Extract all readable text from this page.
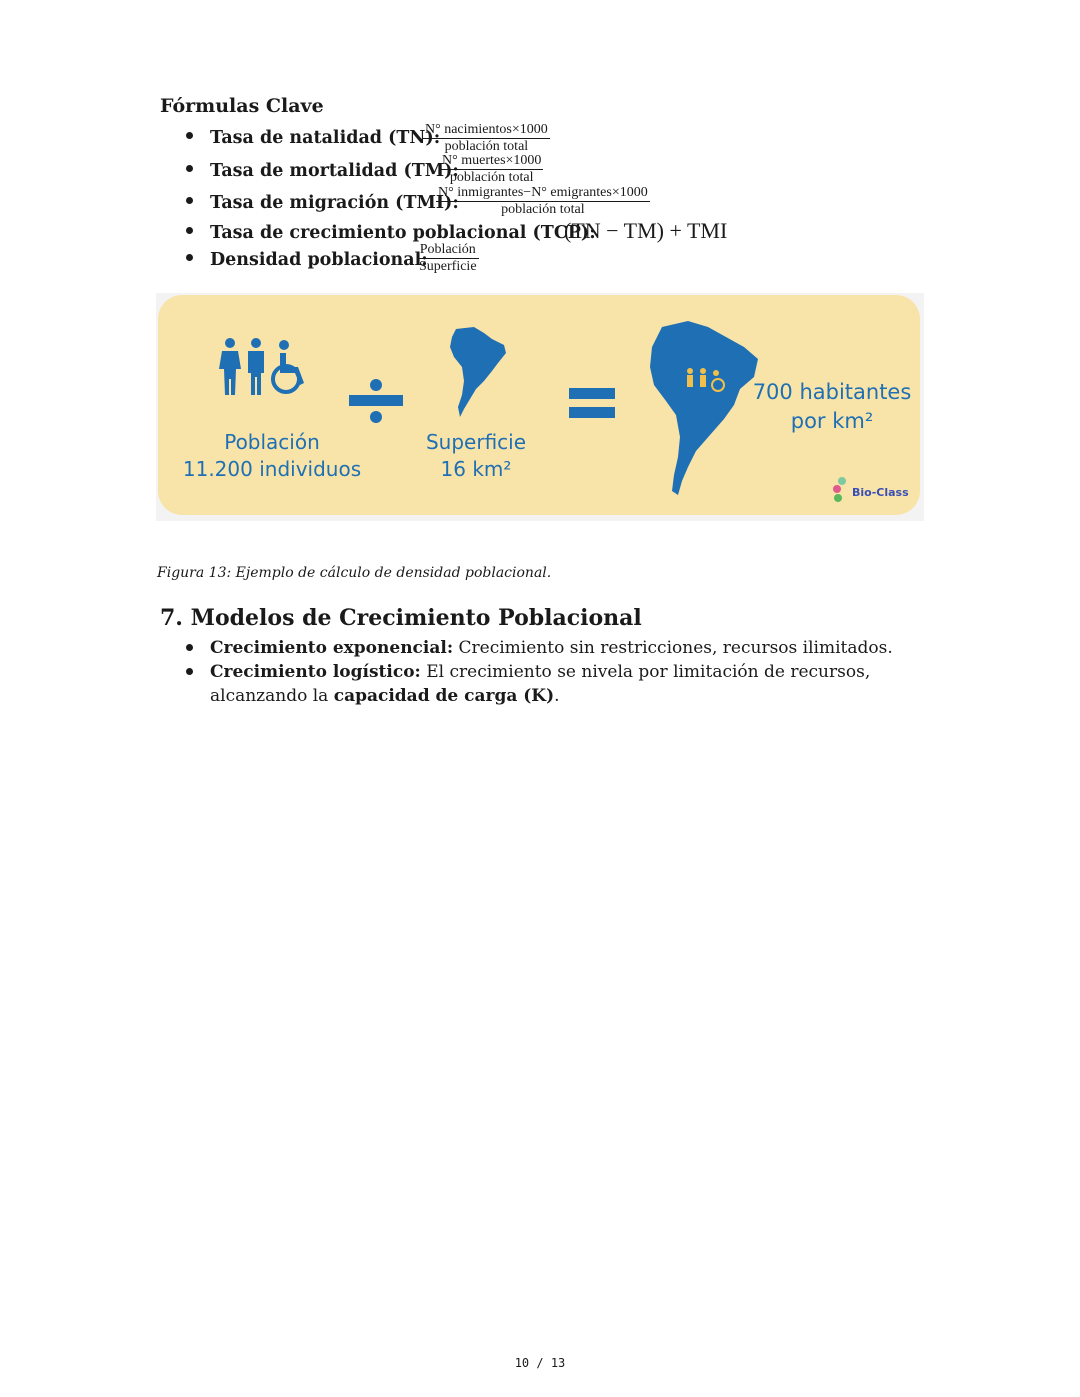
Fórmulas Clave
Tasa de natalidad (TN):
N° nacimientos×1000
población total
Tasa de mortalidad (TM):
N° muertes×1000
población total
Tasa de migración (TMI):
N° inmigrantes−N° emigrantes×1000
población total
Tasa de crecimiento poblacional (TCP):
(TN − TM) + TMI
Densidad poblacional:
Población
Superficie
Población
11.200 individuos
Superficie
16 km²
700 habitantes
por km²
Bio-Class
Figura 13: Ejemplo de cálculo de densidad poblacional.
7. Modelos de Crecimiento Poblacional
Crecimiento exponencial: Crecimiento sin restricciones, recursos ilimitados.
Crecimiento logístico: El crecimiento se nivela por limitación de recursos, alcanzando la capacidad de carga (K).
10 / 13
